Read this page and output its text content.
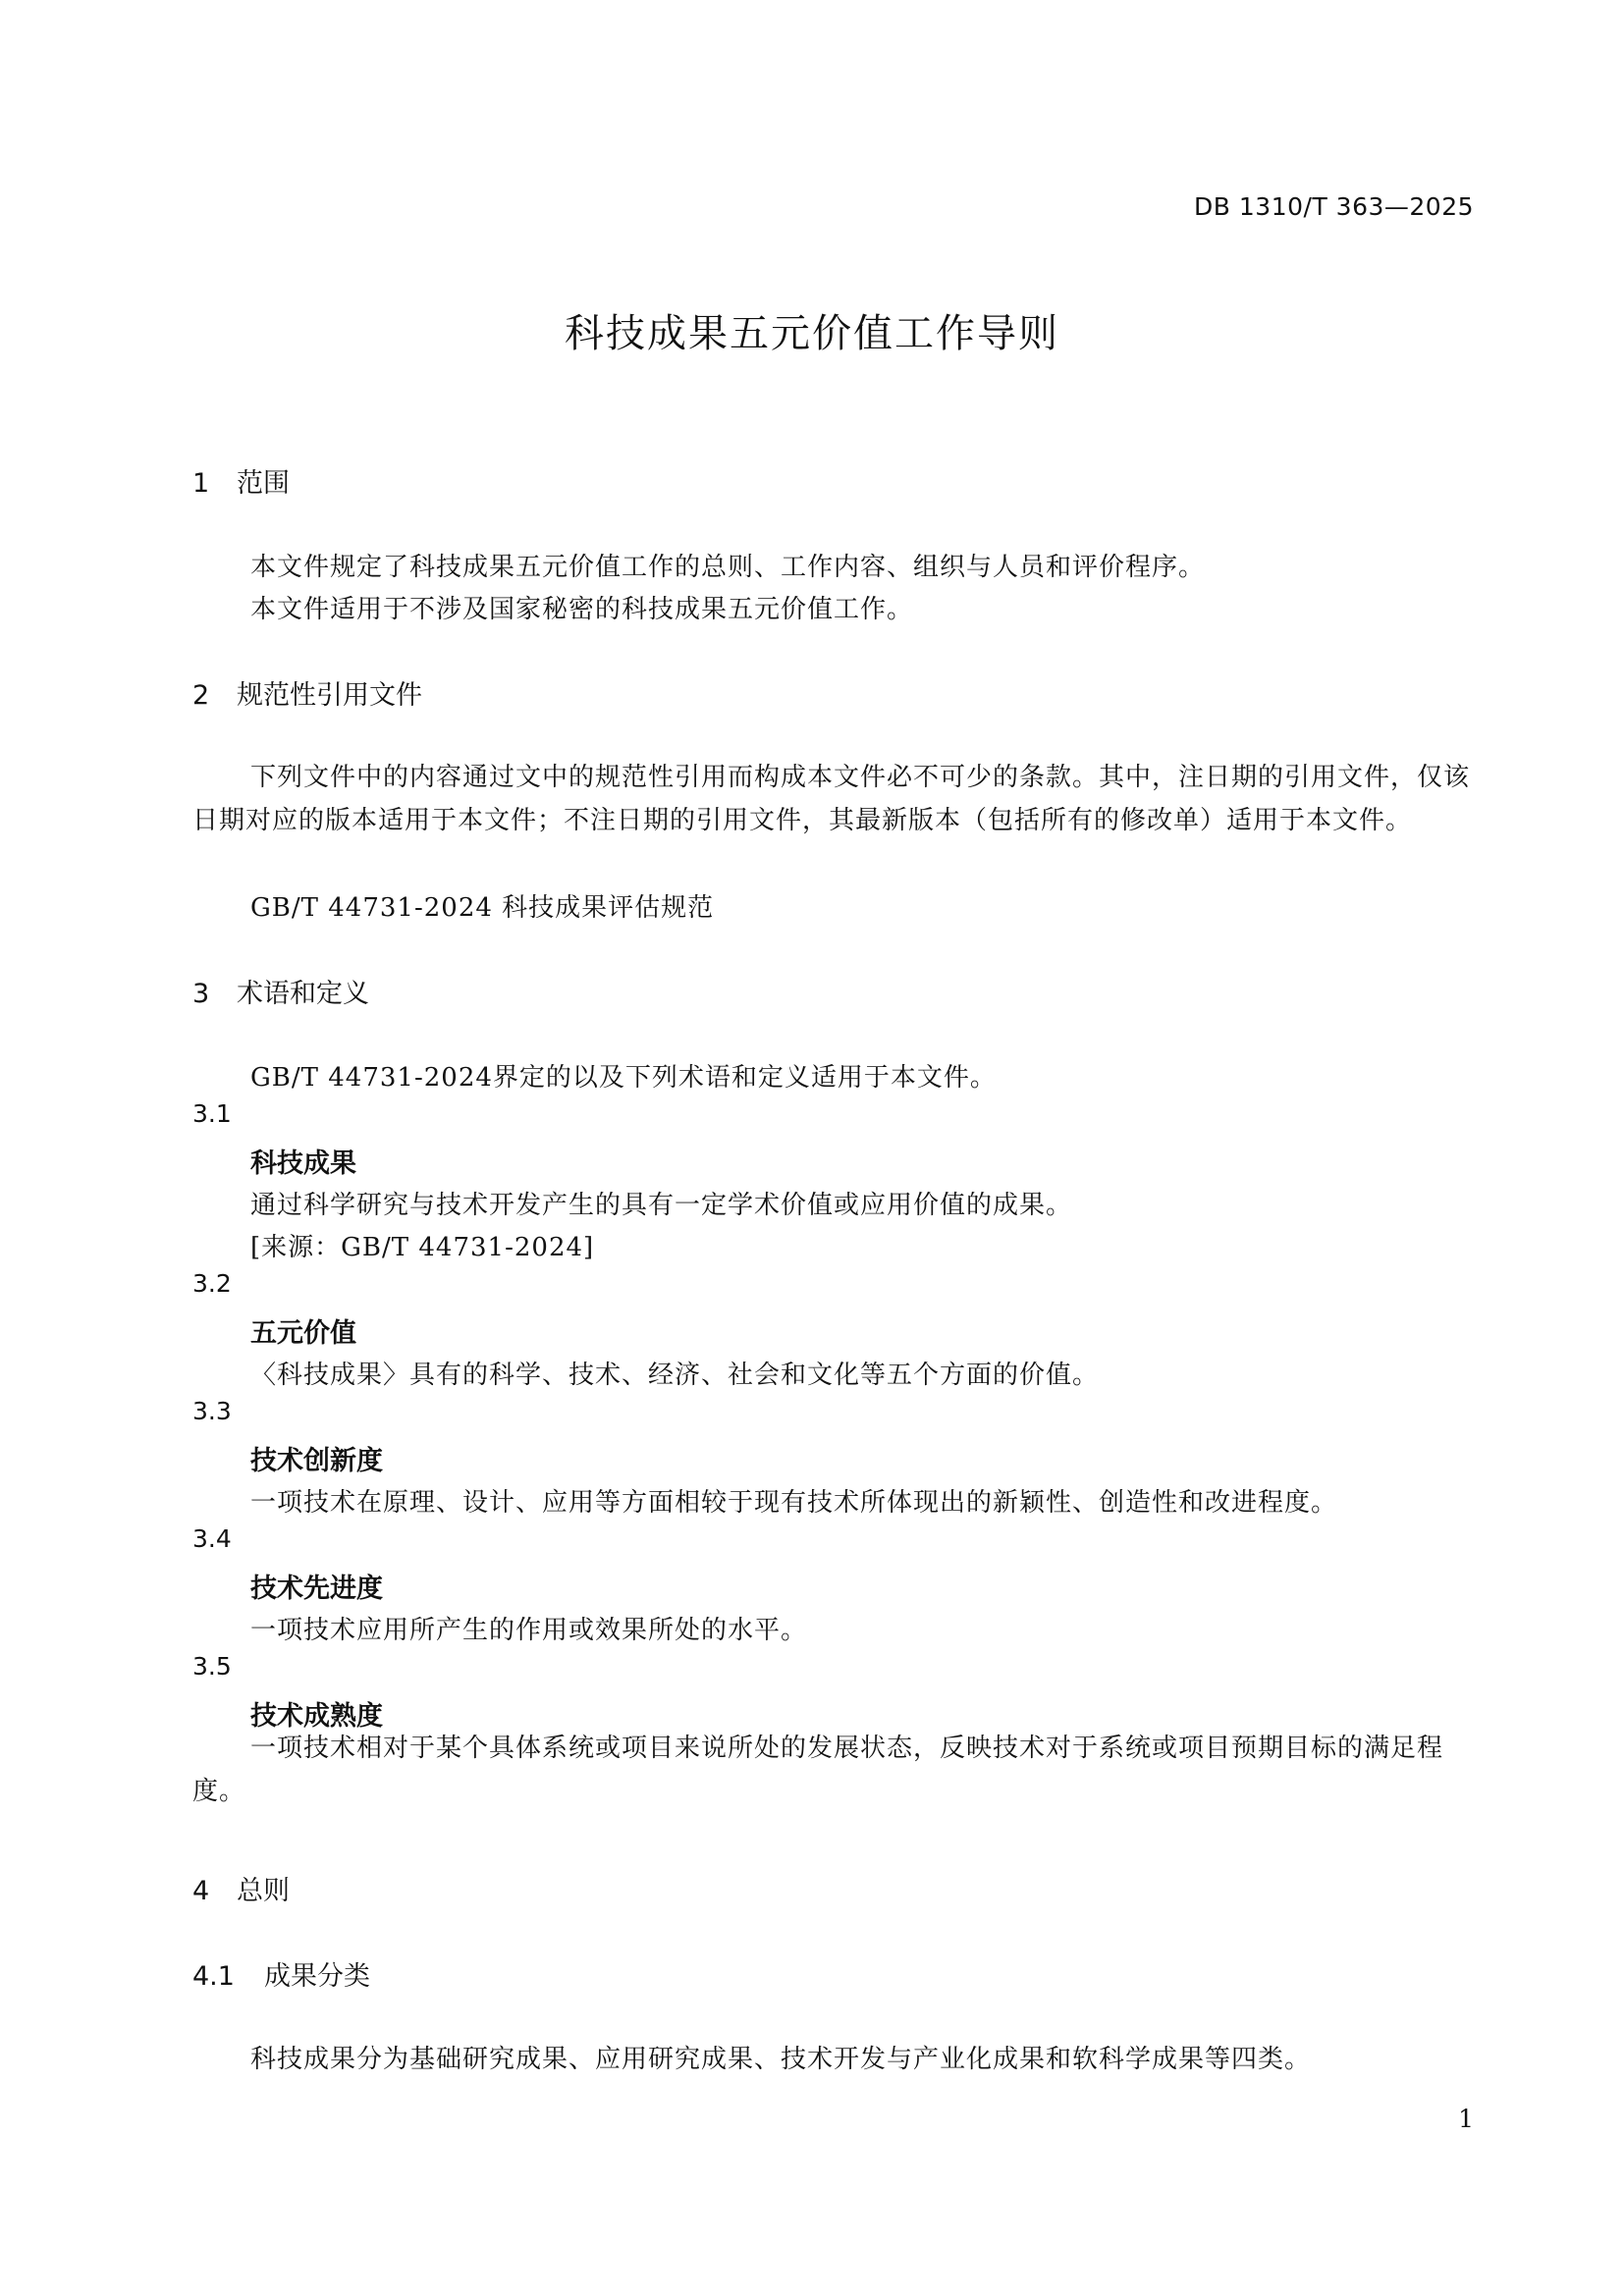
DB 1310/T 363—2025
科技成果五元价值工作导则
1 范围
本文件规定了科技成果五元价值工作的总则、工作内容、组织与人员和评价程序。
本文件适用于不涉及国家秘密的科技成果五元价值工作。
2 规范性引用文件
下列文件中的内容通过文中的规范性引用而构成本文件必不可少的条款。其中，注日期的引用文件，仅该日期对应的版本适用于本文件；不注日期的引用文件，其最新版本（包括所有的修改单）适用于本文件。
GB/T 44731-2024 科技成果评估规范
3 术语和定义
GB/T 44731-2024界定的以及下列术语和定义适用于本文件。
3.1
科技成果
通过科学研究与技术开发产生的具有一定学术价值或应用价值的成果。
[来源：GB/T 44731-2024]
3.2
五元价值
〈科技成果〉具有的科学、技术、经济、社会和文化等五个方面的价值。
3.3
技术创新度
一项技术在原理、设计、应用等方面相较于现有技术所体现出的新颖性、创造性和改进程度。
3.4
技术先进度
一项技术应用所产生的作用或效果所处的水平。
3.5
技术成熟度
一项技术相对于某个具体系统或项目来说所处的发展状态，反映技术对于系统或项目预期目标的满足程度。
4 总则
4.1 成果分类
科技成果分为基础研究成果、应用研究成果、技术开发与产业化成果和软科学成果等四类。
1
